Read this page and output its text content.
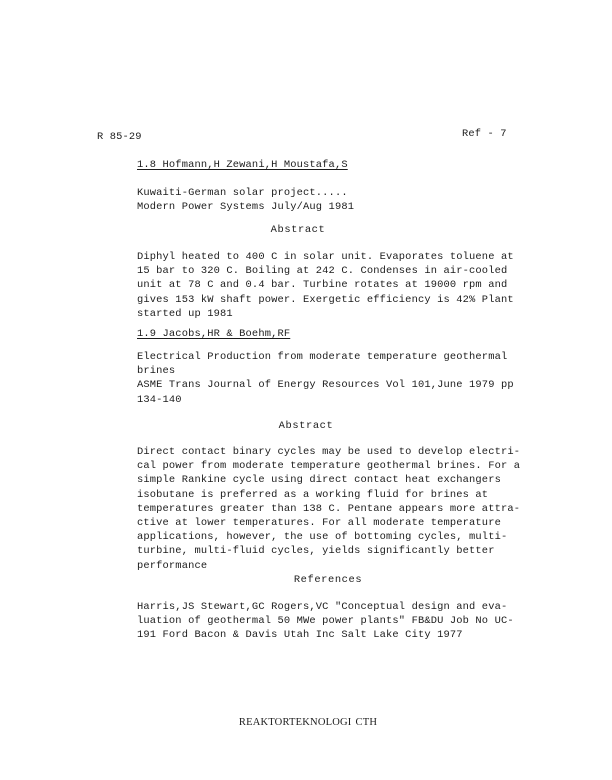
R 85-29	Ref - 7
1.8 Hofmann,H Zewani,H Moustafa,S
Kuwaiti-German solar project.....
Modern Power Systems July/Aug 1981
Abstract
Diphyl heated to 400 C in solar unit. Evaporates toluene at
15 bar to 320 C. Boiling at 242 C. Condenses in air-cooled
unit at 78 C and 0.4 bar. Turbine rotates at 19000 rpm and
gives 153 kW shaft power. Exergetic efficiency is 42% Plant
started up 1981
1.9 Jacobs,HR & Boehm,RF
Electrical Production from moderate temperature geothermal
brines
ASME Trans Journal of Energy Resources Vol 101,June 1979 pp
134-140
Abstract
Direct contact binary cycles may be used to develop electri-
cal power from moderate temperature geothermal brines. For a
simple Rankine cycle using direct contact heat exchangers
isobutane is preferred as a working fluid for brines at
temperatures greater than 138 C. Pentane appears more attra-
ctive at lower temperatures. For all moderate temperature
applications, however, the use of bottoming cycles, multi-
turbine, multi-fluid cycles, yields significantly better
performance
References
Harris,JS Stewart,GC Rogers,VC "Conceptual design and eva-
luation of geothermal 50 MWe power plants" FB&DU Job No UC-
191 Ford Bacon & Davis Utah Inc Salt Lake City 1977
REAKTORTEKNOLOGI CTH
